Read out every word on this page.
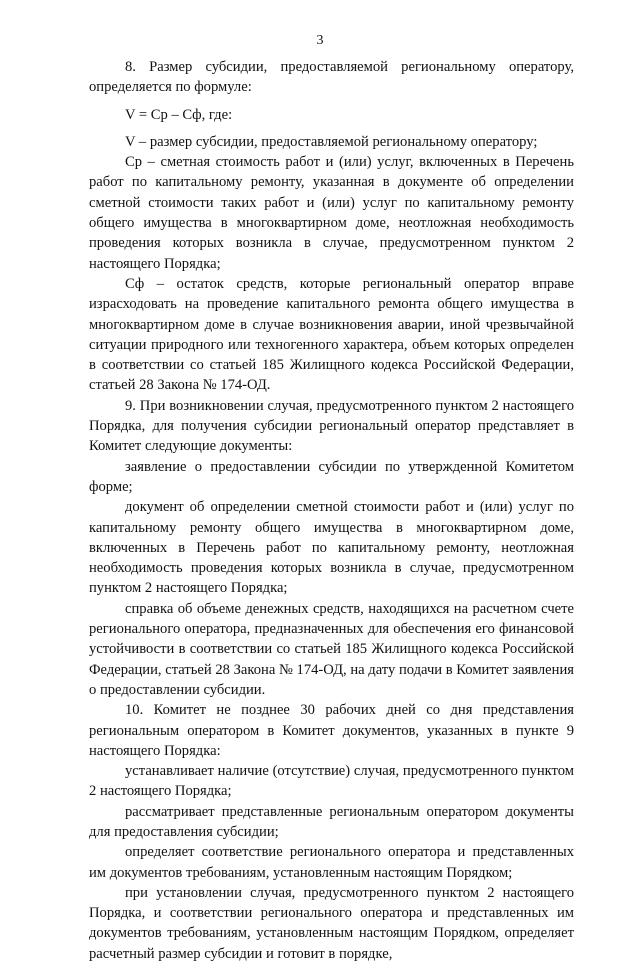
3

8. Размер субсидии, предоставляемой региональному оператору, определяется по формуле:

V = Cр – Cф, где:

V – размер субсидии, предоставляемой региональному оператору;

Cр – сметная стоимость работ и (или) услуг, включенных в Перечень работ по капитальному ремонту, указанная в документе об определении сметной стоимости таких работ и (или) услуг по капитальному ремонту общего имущества в многоквартирном доме, неотложная необходимость проведения которых возникла в случае, предусмотренном пунктом 2 настоящего Порядка;

Cф – остаток средств, которые региональный оператор вправе израсходовать на проведение капитального ремонта общего имущества в многоквартирном доме в случае возникновения аварии, иной чрезвычайной ситуации природного или техногенного характера, объем которых определен в соответствии со статьей 185 Жилищного кодекса Российской Федерации, статьей 28 Закона № 174-ОД.

9. При возникновении случая, предусмотренного пунктом 2 настоящего Порядка, для получения субсидии региональный оператор представляет в Комитет следующие документы:

заявление о предоставлении субсидии по утвержденной Комитетом форме;

документ об определении сметной стоимости работ и (или) услуг по капитальному ремонту общего имущества в многоквартирном доме, включенных в Перечень работ по капитальному ремонту, неотложная необходимость проведения которых возникла в случае, предусмотренном пунктом 2 настоящего Порядка;

справка об объеме денежных средств, находящихся на расчетном счете регионального оператора, предназначенных для обеспечения его финансовой устойчивости в соответствии со статьей 185 Жилищного кодекса Российской Федерации, статьей 28 Закона № 174-ОД, на дату подачи в Комитет заявления о предоставлении субсидии.

10. Комитет не позднее 30 рабочих дней со дня представления региональным оператором в Комитет документов, указанных в пункте 9 настоящего Порядка:

устанавливает наличие (отсутствие) случая, предусмотренного пунктом 2 настоящего Порядка;

рассматривает представленные региональным оператором документы для предоставления субсидии;

определяет соответствие регионального оператора и представленных им документов требованиям, установленным настоящим Порядком;

при установлении случая, предусмотренного пунктом 2 настоящего Порядка, и соответствии регионального оператора и представленных им документов требованиям, установленным настоящим Порядком, определяет расчетный размер субсидии и готовит в порядке,
